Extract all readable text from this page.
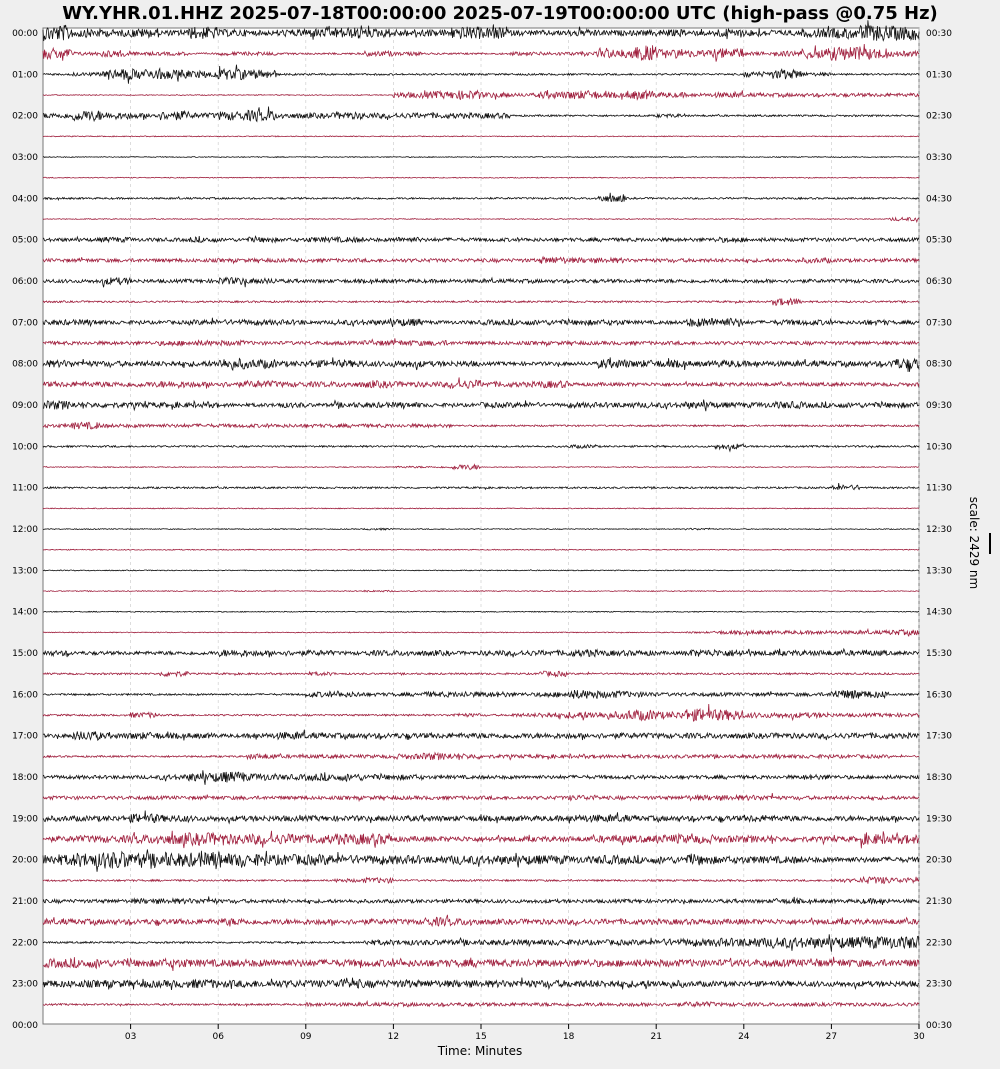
WY.YHR.01.HHZ 2025-07-18T00:00:00 2025-07-19T00:00:00 UTC (high-pass @0.75 Hz)
00:00
01:00
02:00
03:00
04:00
05:00
06:00
07:00
08:00
09:00
10:00
11:00
12:00
13:00
14:00
15:00
16:00
17:00
18:00
19:00
20:00
21:00
22:00
23:00
00:00
00:30
01:30
02:30
03:30
04:30
05:30
06:30
07:30
08:30
09:30
10:30
11:30
12:30
13:30
14:30
15:30
16:30
17:30
18:30
19:30
20:30
21:30
22:30
23:30
00:30
03	06	09	12	15	18	21	24	27	30
Time: Minutes
scale: 2429 nm
